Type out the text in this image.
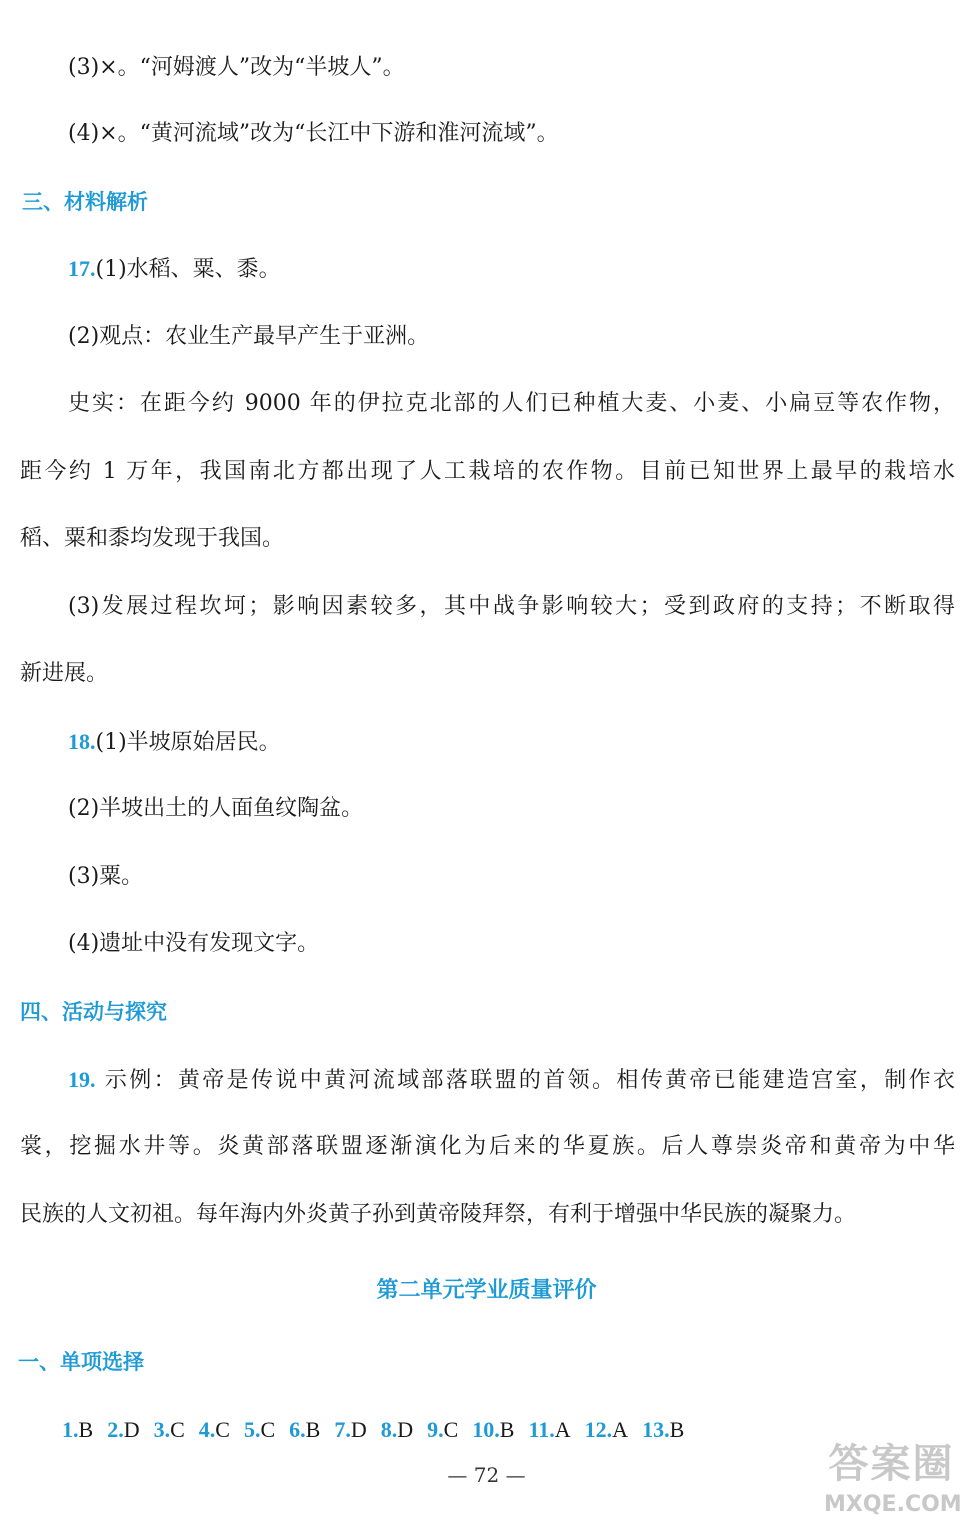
(3)×。“河姆渡人”改为“半坡人”。
(4)×。“黄河流域”改为“长江中下游和淮河流域”。
三、材料解析
17.(1)水稻、粟、黍。
(2)观点：农业生产最早产生于亚洲。
史实：在距今约 9000 年的伊拉克北部的人们已种植大麦、小麦、小扁豆等农作物，
距今约 1 万年，我国南北方都出现了人工栽培的农作物。目前已知世界上最早的栽培水
稻、粟和黍均发现于我国。
(3)发展过程坎坷；影响因素较多，其中战争影响较大；受到政府的支持；不断取得
新进展。
18.(1)半坡原始居民。
(2)半坡出土的人面鱼纹陶盆。
(3)粟。
(4)遗址中没有发现文字。
四、活动与探究
19. 示例：黄帝是传说中黄河流域部落联盟的首领。相传黄帝已能建造宫室，制作衣
裳，挖掘水井等。炎黄部落联盟逐渐演化为后来的华夏族。后人尊崇炎帝和黄帝为中华
民族的人文初祖。每年海内外炎黄子孙到黄帝陵拜祭，有利于增强中华民族的凝聚力。
第二单元学业质量评价
一、单项选择
1.B 2.D 3.C 4.C 5.C 6.B 7.D 8.D 9.C 10.B 11.A 12.A 13.B
— 72 —	答案圈
MXQE.COM
